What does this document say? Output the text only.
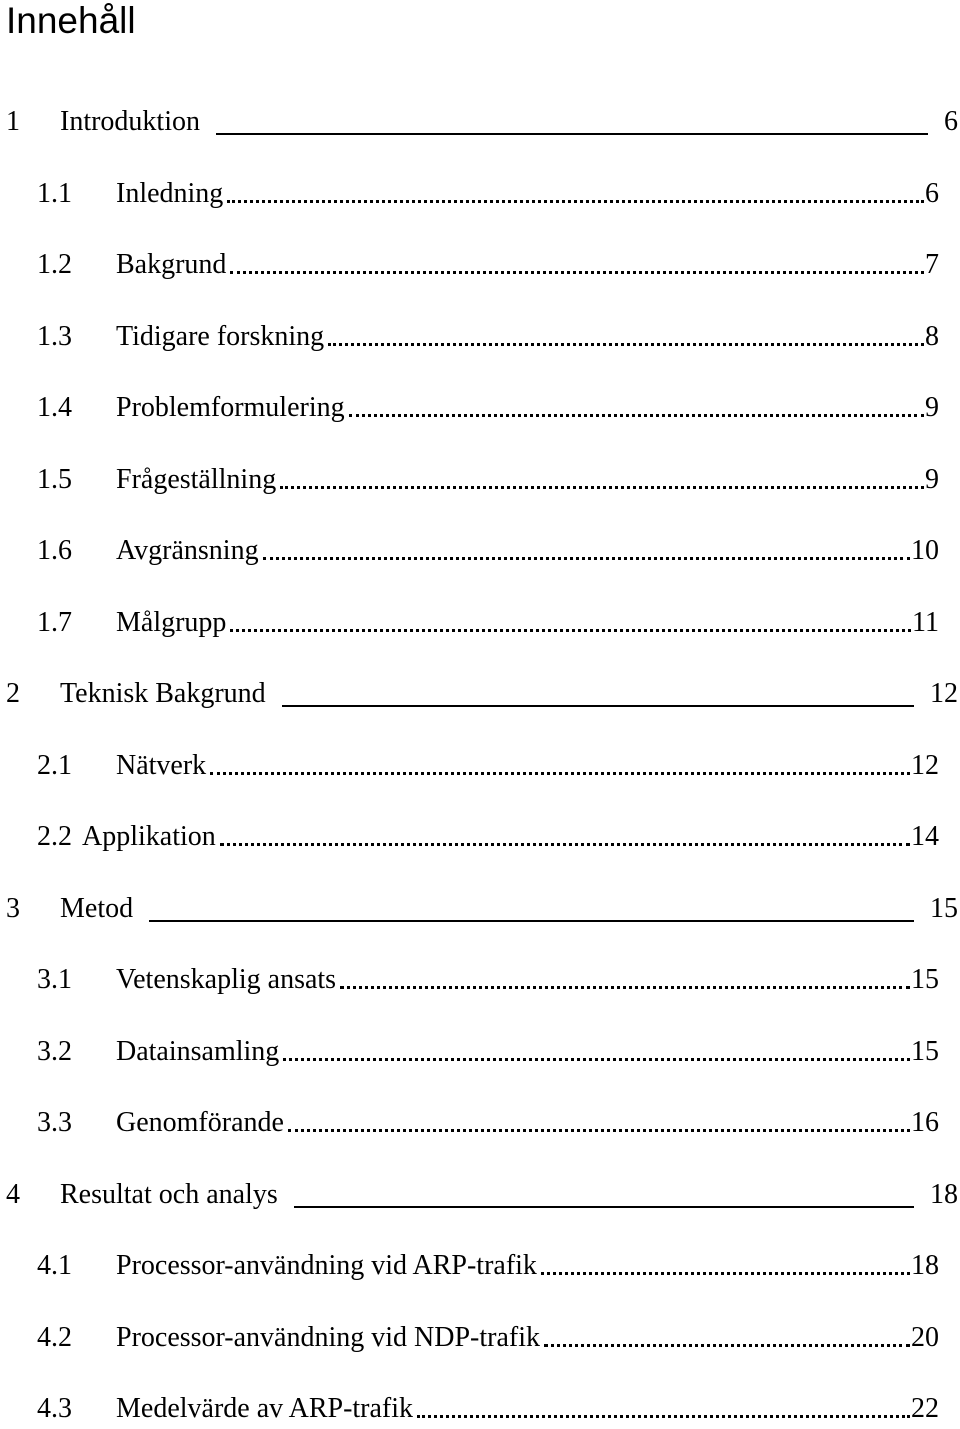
Innehåll
1 Introduktion	6
1.1 Inledning	6
1.2 Bakgrund	7
1.3 Tidigare forskning	8
1.4 Problemformulering	9
1.5 Frågeställning	9
1.6 Avgränsning	10
1.7 Målgrupp	11
2 Teknisk Bakgrund	12
2.1 Nätverk	12
2.2 Applikation	14
3 Metod	15
3.1 Vetenskaplig ansats	15
3.2 Datainsamling	15
3.3 Genomförande	16
4 Resultat och analys	18
4.1 Processor-användning vid ARP-trafik	18
4.2 Processor-användning vid NDP-trafik	20
4.3 Medelvärde av ARP-trafik	22
